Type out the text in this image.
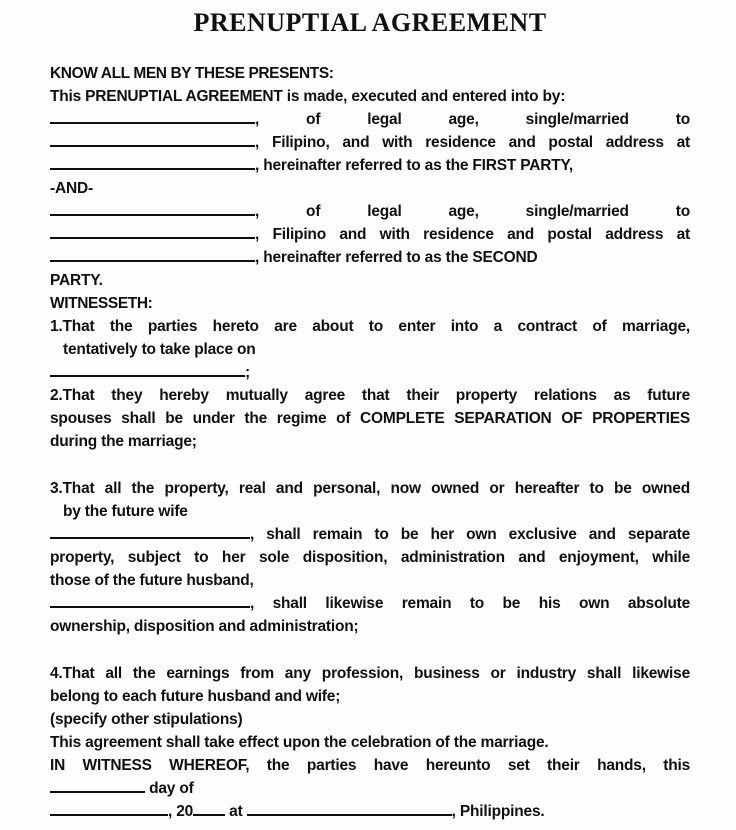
PRENUPTIAL AGREEMENT
KNOW ALL MEN BY THESE PRESENTS:
This PRENUPTIAL AGREEMENT is made, executed and entered into by:
, of legal age, single/married to
, Filipino, and with residence and postal address at
, hereinafter referred to as the FIRST PARTY,
-AND-
, of legal age, single/married to
, Filipino and with residence and postal address at
, hereinafter referred to as the SECOND
PARTY.
WITNESSETH:
1.That the parties hereto are about to enter into a contract of marriage,
tentatively to take place on
;
2.That they hereby mutually agree that their property relations as future
spouses shall be under the regime of COMPLETE SEPARATION OF PROPERTIES
during the marriage;
3.That all the property, real and personal, now owned or hereafter to be owned
by the future wife
, shall remain to be her own exclusive and separate
property, subject to her sole disposition, administration and enjoyment, while
those of the future husband,
, shall likewise remain to be his own absolute
ownership, disposition and administration;
4.That all the earnings from any profession, business or industry shall likewise
belong to each future husband and wife;
(specify other stipulations)
This agreement shall take effect upon the celebration of the marriage.
IN WITNESS WHEREOF, the parties have hereunto set their hands, this
day of
, 20 at	, Philippines.
